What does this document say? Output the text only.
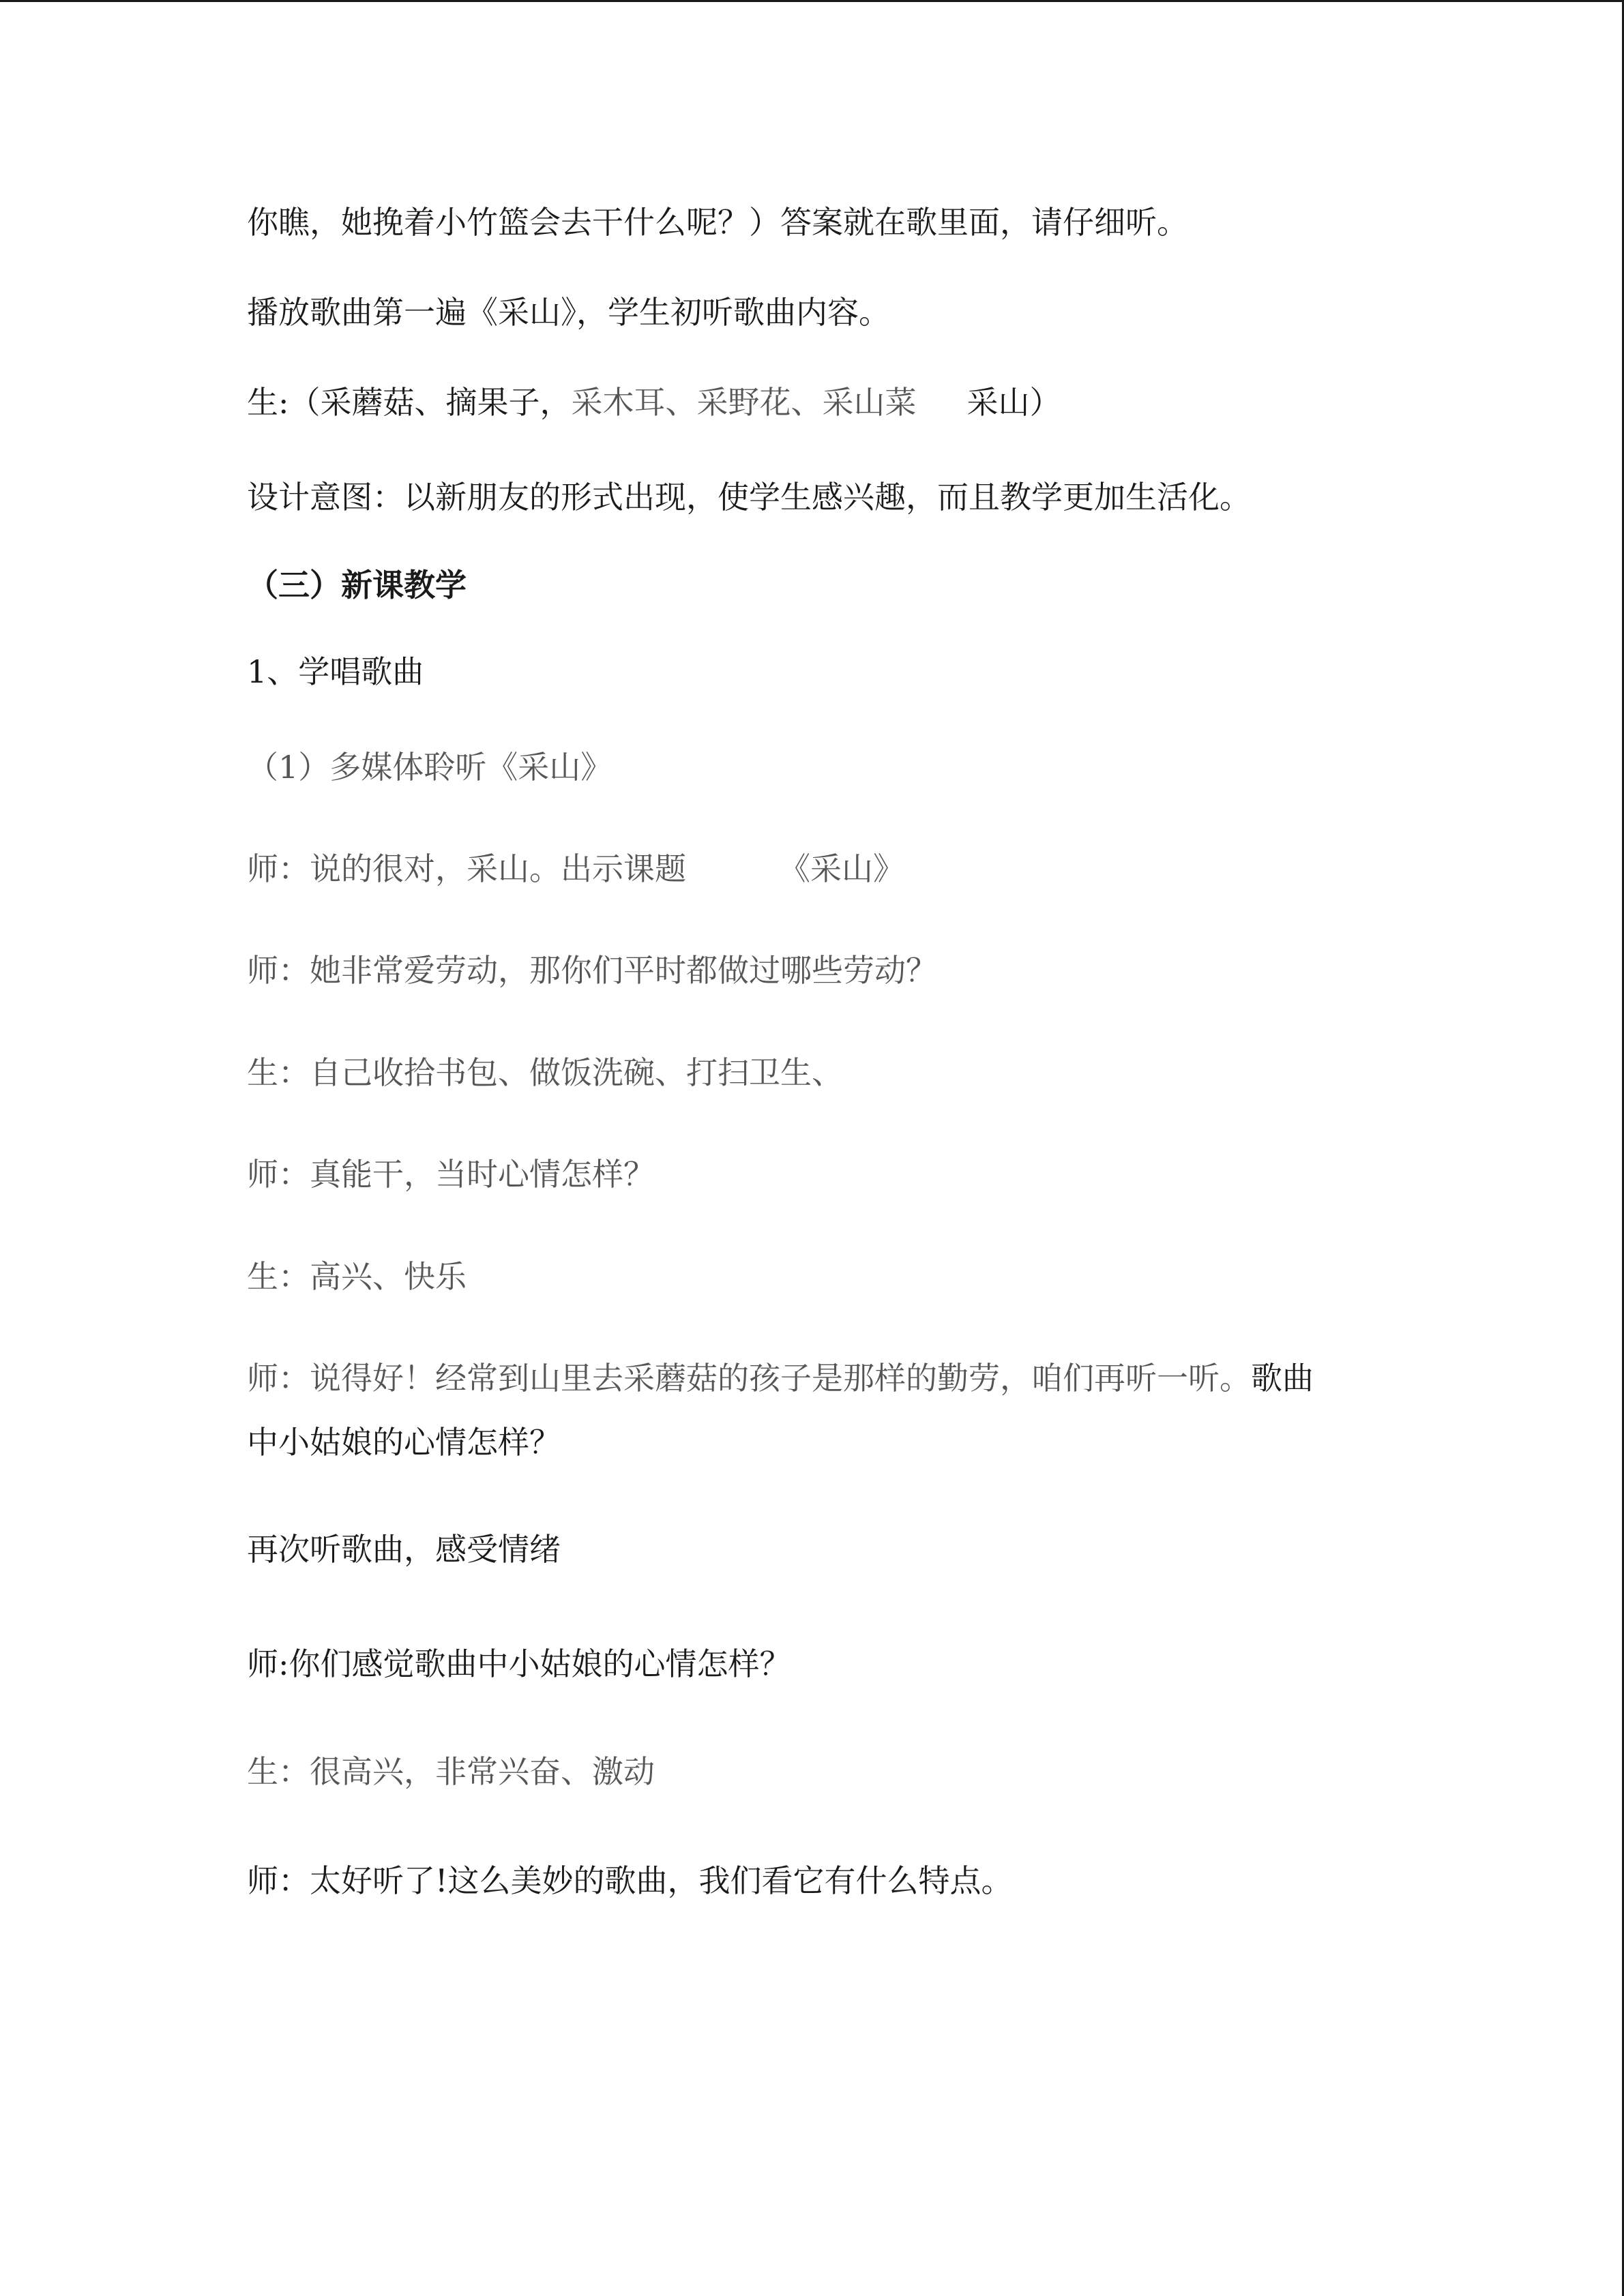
你瞧，她挽着小竹篮会去干什么呢？）答案就在歌里面，请仔细听。

播放歌曲第一遍《采山》，学生初听歌曲内容。

生:（采蘑菇、摘果子，采木耳、采野花、采山菜 采山）

设计意图：以新朋友的形式出现，使学生感兴趣，而且教学更加生活化。

（三）新课教学

1、学唱歌曲

（1）多媒体聆听《采山》

师：说的很对，采山。出示课题	《采山》

师：她非常爱劳动，那你们平时都做过哪些劳动？

生：自己收拾书包、做饭洗碗、打扫卫生、

师：真能干，当时心情怎样？

生：高兴、快乐

师：说得好！经常到山里去采蘑菇的孩子是那样的勤劳，咱们再听一听。歌曲

中小姑娘的心情怎样？

再次听歌曲，感受情绪

师:你们感觉歌曲中小姑娘的心情怎样？

生：很高兴，非常兴奋、激动

师：太好听了!这么美妙的歌曲，我们看它有什么特点。
